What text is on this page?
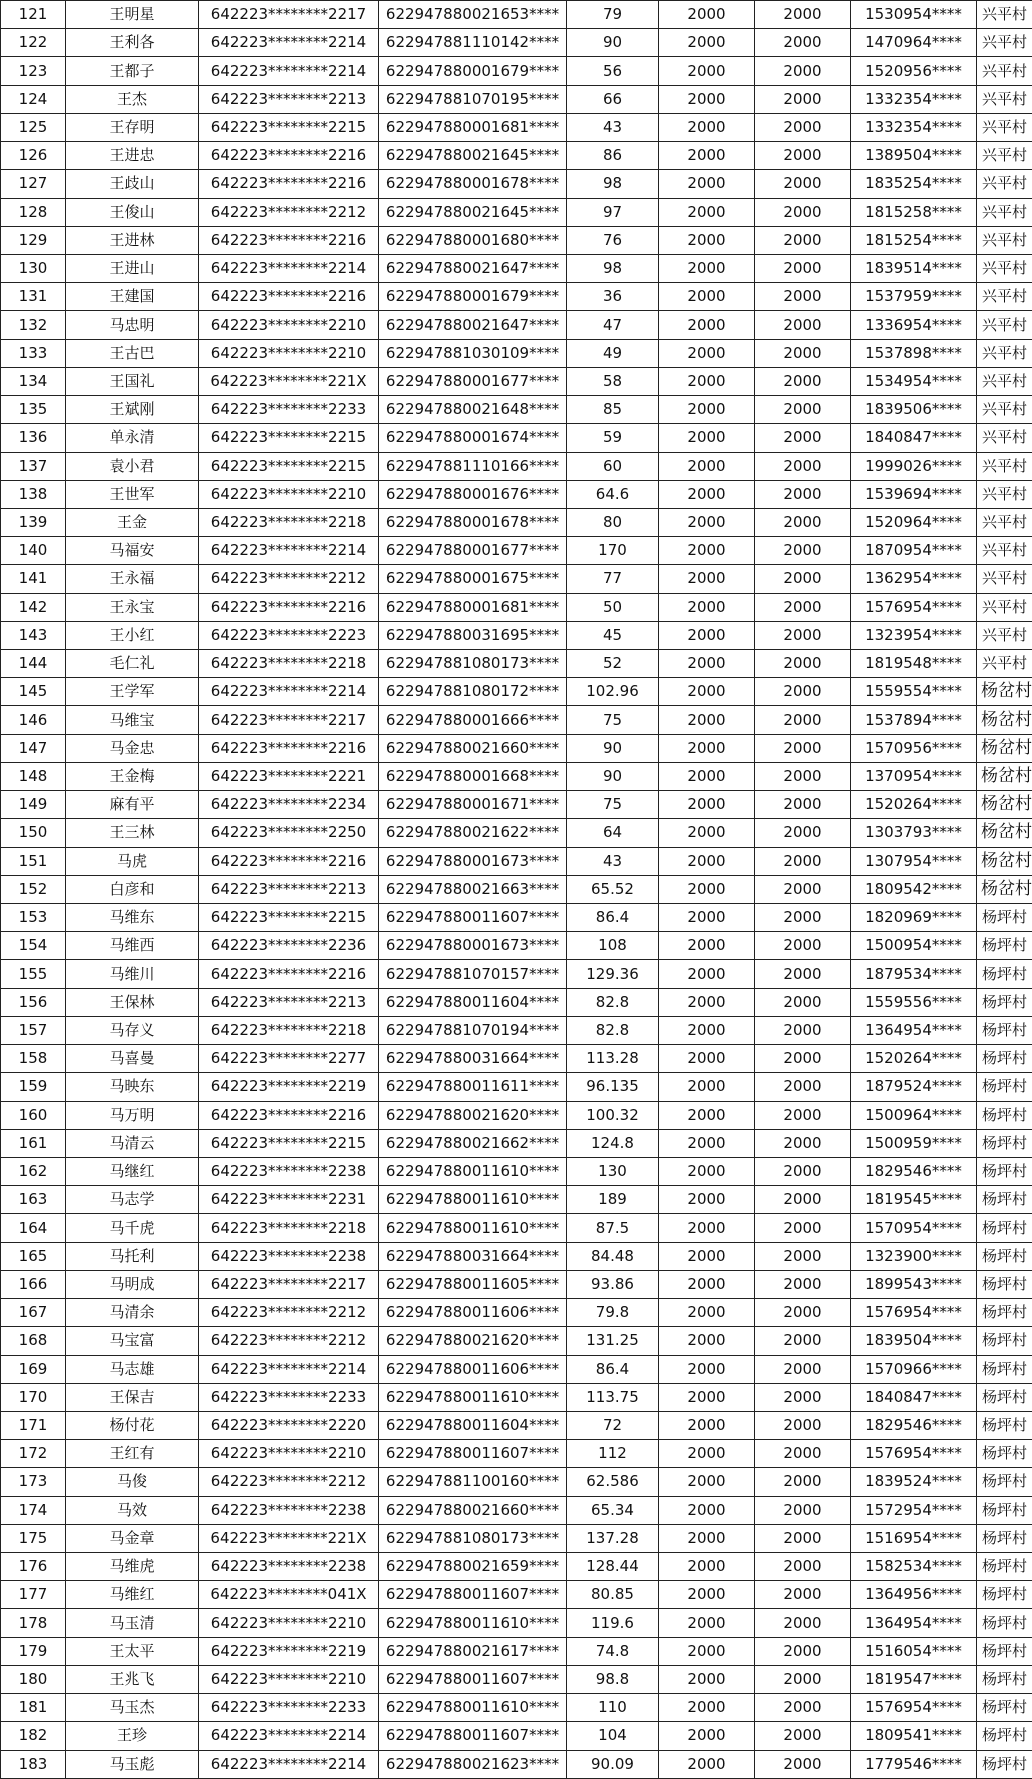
121	王明星	642223********2217	622947880021653****	79	2000	2000	1530954****	兴平村
122	王利各	642223********2214	622947881110142****	90	2000	2000	1470964****	兴平村
123	王都子	642223********2214	622947880001679****	56	2000	2000	1520956****	兴平村
124	王杰	642223********2213	622947881070195****	66	2000	2000	1332354****	兴平村
125	王存明	642223********2215	622947880001681****	43	2000	2000	1332354****	兴平村
126	王进忠	642223********2216	622947880021645****	86	2000	2000	1389504****	兴平村
127	王歧山	642223********2216	622947880001678****	98	2000	2000	1835254****	兴平村
128	王俊山	642223********2212	622947880021645****	97	2000	2000	1815258****	兴平村
129	王进林	642223********2216	622947880001680****	76	2000	2000	1815254****	兴平村
130	王进山	642223********2214	622947880021647****	98	2000	2000	1839514****	兴平村
131	王建国	642223********2216	622947880001679****	36	2000	2000	1537959****	兴平村
132	马忠明	642223********2210	622947880021647****	47	2000	2000	1336954****	兴平村
133	王古巴	642223********2210	622947881030109****	49	2000	2000	1537898****	兴平村
134	王国礼	642223********221X	622947880001677****	58	2000	2000	1534954****	兴平村
135	王斌刚	642223********2233	622947880021648****	85	2000	2000	1839506****	兴平村
136	单永清	642223********2215	622947880001674****	59	2000	2000	1840847****	兴平村
137	袁小君	642223********2215	622947881110166****	60	2000	2000	1999026****	兴平村
138	王世军	642223********2210	622947880001676****	64.6	2000	2000	1539694****	兴平村
139	王金	642223********2218	622947880001678****	80	2000	2000	1520964****	兴平村
140	马福安	642223********2214	622947880001677****	170	2000	2000	1870954****	兴平村
141	王永福	642223********2212	622947880001675****	77	2000	2000	1362954****	兴平村
142	王永宝	642223********2216	622947880001681****	50	2000	2000	1576954****	兴平村
143	王小红	642223********2223	622947880031695****	45	2000	2000	1323954****	兴平村
144	毛仁礼	642223********2218	622947881080173****	52	2000	2000	1819548****	兴平村
145	王学军	642223********2214	622947881080172****	102.96	2000	2000	1559554****	杨岔村
146	马维宝	642223********2217	622947880001666****	75	2000	2000	1537894****	杨岔村
147	马金忠	642223********2216	622947880021660****	90	2000	2000	1570956****	杨岔村
148	王金梅	642223********2221	622947880001668****	90	2000	2000	1370954****	杨岔村
149	麻有平	642223********2234	622947880001671****	75	2000	2000	1520264****	杨岔村
150	王三林	642223********2250	622947880021622****	64	2000	2000	1303793****	杨岔村
151	马虎	642223********2216	622947880001673****	43	2000	2000	1307954****	杨岔村
152	白彦和	642223********2213	622947880021663****	65.52	2000	2000	1809542****	杨岔村
153	马维东	642223********2215	622947880011607****	86.4	2000	2000	1820969****	杨坪村
154	马维西	642223********2236	622947880001673****	108	2000	2000	1500954****	杨坪村
155	马维川	642223********2216	622947881070157****	129.36	2000	2000	1879534****	杨坪村
156	王保林	642223********2213	622947880011604****	82.8	2000	2000	1559556****	杨坪村
157	马存义	642223********2218	622947881070194****	82.8	2000	2000	1364954****	杨坪村
158	马喜曼	642223********2277	622947880031664****	113.28	2000	2000	1520264****	杨坪村
159	马映东	642223********2219	622947880011611****	96.135	2000	2000	1879524****	杨坪村
160	马万明	642223********2216	622947880021620****	100.32	2000	2000	1500964****	杨坪村
161	马清云	642223********2215	622947880021662****	124.8	2000	2000	1500959****	杨坪村
162	马继红	642223********2238	622947880011610****	130	2000	2000	1829546****	杨坪村
163	马志学	642223********2231	622947880011610****	189	2000	2000	1819545****	杨坪村
164	马千虎	642223********2218	622947880011610****	87.5	2000	2000	1570954****	杨坪村
165	马托利	642223********2238	622947880031664****	84.48	2000	2000	1323900****	杨坪村
166	马明成	642223********2217	622947880011605****	93.86	2000	2000	1899543****	杨坪村
167	马清余	642223********2212	622947880011606****	79.8	2000	2000	1576954****	杨坪村
168	马宝富	642223********2212	622947880021620****	131.25	2000	2000	1839504****	杨坪村
169	马志雄	642223********2214	622947880011606****	86.4	2000	2000	1570966****	杨坪村
170	王保吉	642223********2233	622947880011610****	113.75	2000	2000	1840847****	杨坪村
171	杨付花	642223********2220	622947880011604****	72	2000	2000	1829546****	杨坪村
172	王红有	642223********2210	622947880011607****	112	2000	2000	1576954****	杨坪村
173	马俊	642223********2212	622947881100160****	62.586	2000	2000	1839524****	杨坪村
174	马效	642223********2238	622947880021660****	65.34	2000	2000	1572954****	杨坪村
175	马金章	642223********221X	622947881080173****	137.28	2000	2000	1516954****	杨坪村
176	马维虎	642223********2238	622947880021659****	128.44	2000	2000	1582534****	杨坪村
177	马维红	642223********041X	622947880011607****	80.85	2000	2000	1364956****	杨坪村
178	马玉清	642223********2210	622947880011610****	119.6	2000	2000	1364954****	杨坪村
179	王太平	642223********2219	622947880021617****	74.8	2000	2000	1516054****	杨坪村
180	王兆飞	642223********2210	622947880011607****	98.8	2000	2000	1819547****	杨坪村
181	马玉杰	642223********2233	622947880011610****	110	2000	2000	1576954****	杨坪村
182	王珍	642223********2214	622947880011607****	104	2000	2000	1809541****	杨坪村
183	马玉彪	642223********2214	622947880021623****	90.09	2000	2000	1779546****	杨坪村
